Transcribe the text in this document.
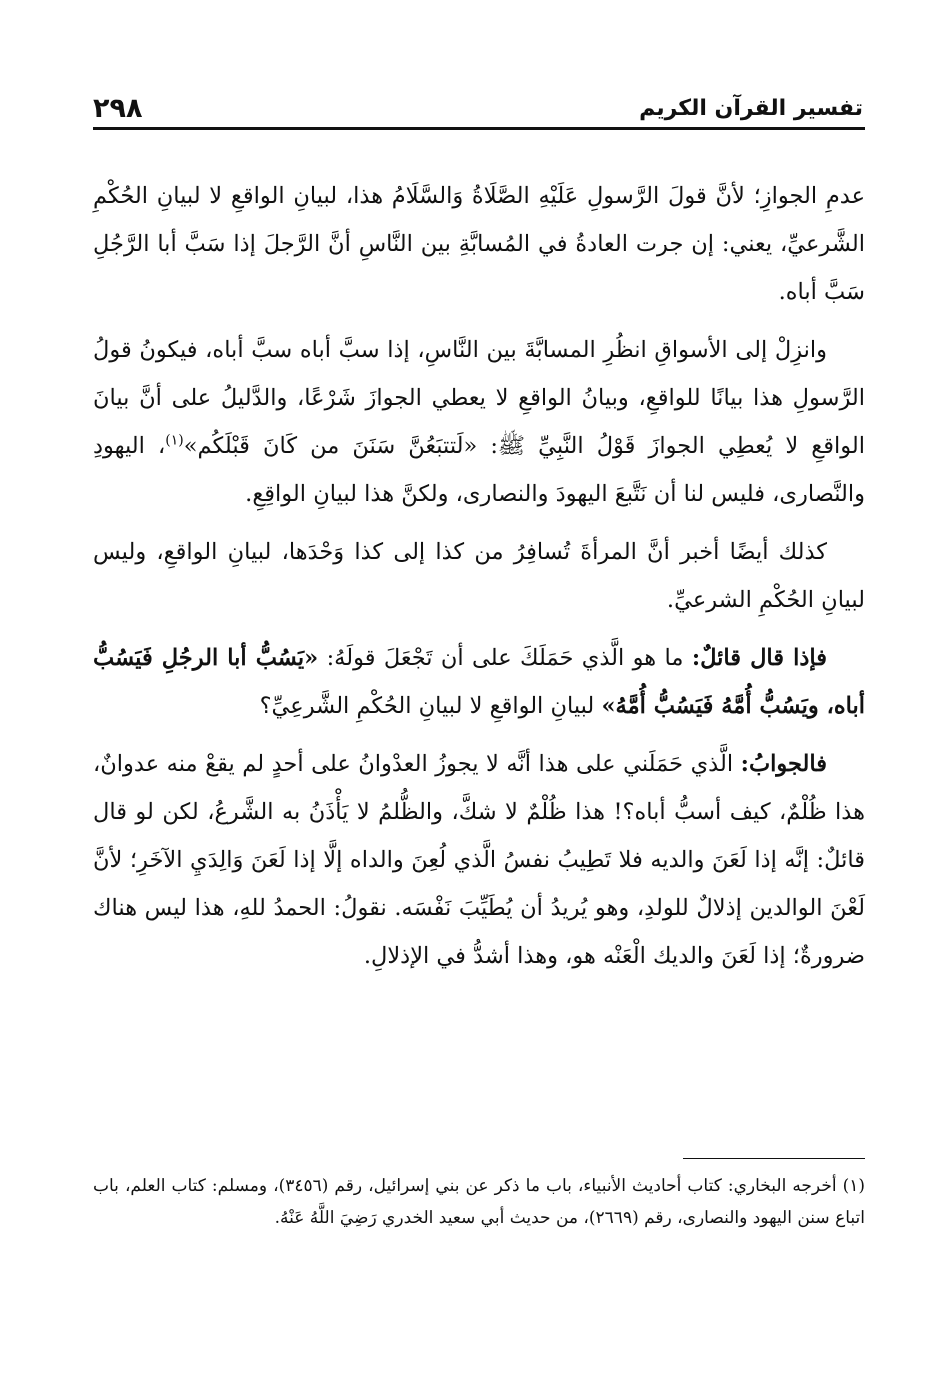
٢٩٨	تفسير القرآن الكريم

عدمِ الجوازِ؛ لأنَّ قولَ الرَّسولِ عَلَيْهِ الصَّلَاةُ وَالسَّلَامُ هذا، لبيانِ الواقعِ لا لبيانِ الحُكْمِ الشَّرعيِّ، يعني: إن جرت العادةُ في المُسابَّةِ بين النَّاسِ أنَّ الرَّجلَ إذا سَبَّ أبا الرَّجُلِ سَبَّ أباه.

وانزِلْ إلى الأسواقِ انظُرِ المسابَّةَ بين النَّاسِ، إذا سبَّ أباه سبَّ أباه، فيكونُ قولُ الرَّسولِ هذا بيانًا للواقعِ، وبيانُ الواقعِ لا يعطي الجوازَ شَرْعًا، والدَّليلُ على أنَّ بيانَ الواقعِ لا يُعطِي الجوازَ قَوْلُ النَّبِيِّ ﷺ: «لَتتبَعُنَّ سَنَنَ من كَانَ قَبْلَكُم»$^{(١)}$، اليهودِ والنَّصارى، فليس لنا أن نَتَّبعَ اليهودَ والنصارى، ولكنَّ هذا لبيانِ الواقِعِ.

كذلك أيضًا أخبر أنَّ المرأةَ تُسافِرُ من كذا إلى كذا وَحْدَها، لبيانِ الواقعِ، وليس لبيانِ الحُكْمِ الشرعيِّ.

فإذا قال قائلٌ: ما هو الَّذي حَمَلَكَ على أن تَجْعَلَ قولَهُ: «يَسُبُّ أبا الرجُلِ فَيَسُبُّ أباه، ويَسُبُّ أُمَّهُ فَيَسُبُّ أُمَّهُ» لبيانِ الواقعِ لا لبيانِ الحُكْمِ الشَّرعِيِّ؟

فالجوابُ: الَّذي حَمَلَني على هذا أنَّه لا يجوزُ العدْوانُ على أحدٍ لم يقعْ منه عدوانٌ، هذا ظُلْمٌ، كيف أسبُّ أباه؟! هذا ظُلْمٌ لا شكَّ، والظُّلمُ لا يَأْذَنُ به الشَّرعُ، لكن لو قال قائلٌ: إنَّه إذا لَعَنَ والديه فلا تَطِيبُ نفسُ الَّذي لُعِنَ والداه إلَّا إذا لَعَنَ وَالِدَيِ الآخَرِ؛ لأنَّ لَعْنَ الوالدين إذلالٌ للولدِ، وهو يُريدُ أن يُطَيِّبَ نَفْسَه. نقولُ: الحمدُ للهِ، هذا ليس هناك ضرورةٌ؛ إذا لَعَنَ والديك الْعَنْه هو، وهذا أشدُّ في الإذلالِ.

(١) أخرجه البخاري: كتاب أحاديث الأنبياء، باب ما ذكر عن بني إسرائيل، رقم (٣٤٥٦)، ومسلم: كتاب العلم، باب اتباع سنن اليهود والنصارى، رقم (٢٦٦٩)، من حديث أبي سعيد الخدري رَضِيَ اللَّهُ عَنْهُ.
